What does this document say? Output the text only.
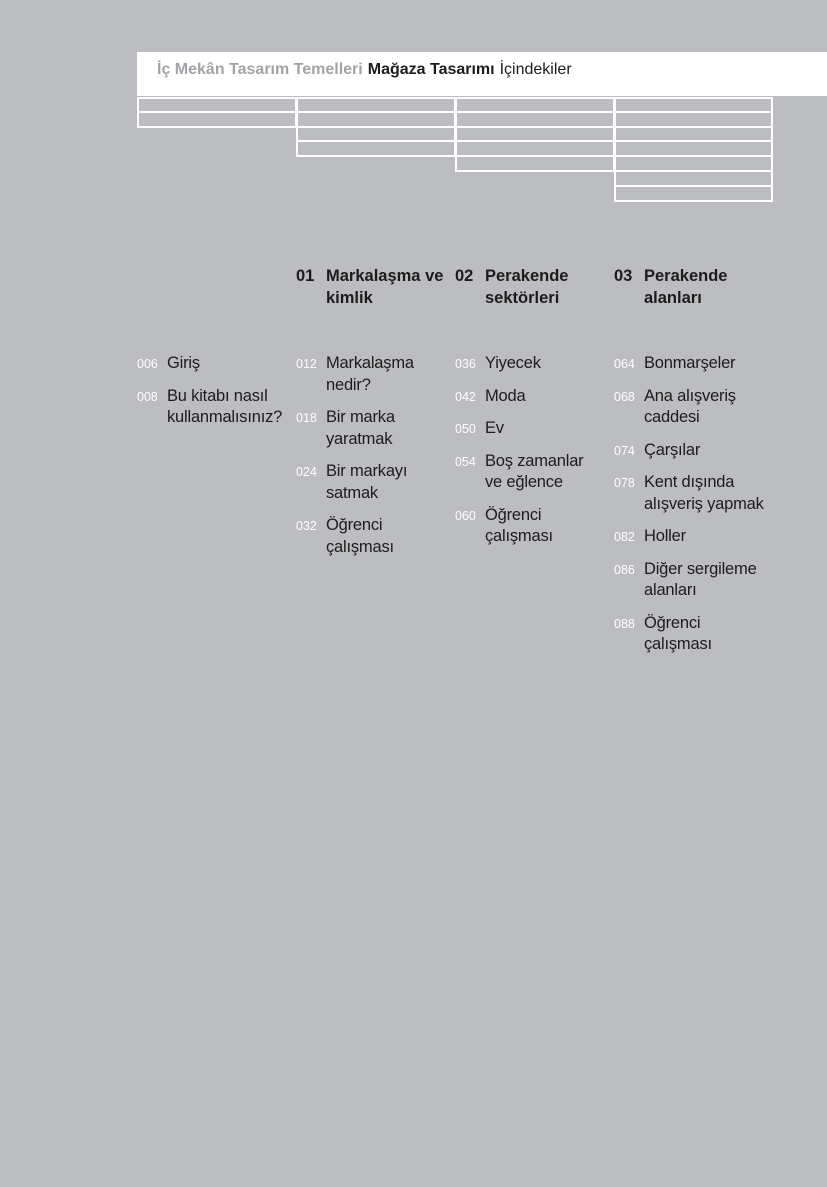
İç Mekân Tasarım Temelleri Mağaza Tasarımı İçindekiler
01 Markalaşma ve kimlik
02 Perakende sektörleri
03 Perakende alanları
006 Giriş
008 Bu kitabı nasıl kullanmalısınız?
012 Markalaşma nedir?
018 Bir marka yaratmak
024 Bir markayı satmak
032 Öğrenci çalışması
036 Yiyecek
042 Moda
050 Ev
054 Boş zamanlar ve eğlence
060 Öğrenci çalışması
064 Bonmarşeler
068 Ana alışveriş caddesi
074 Çarşılar
078 Kent dışında alışveriş yapmak
082 Holler
086 Diğer sergileme alanları
088 Öğrenci çalışması
